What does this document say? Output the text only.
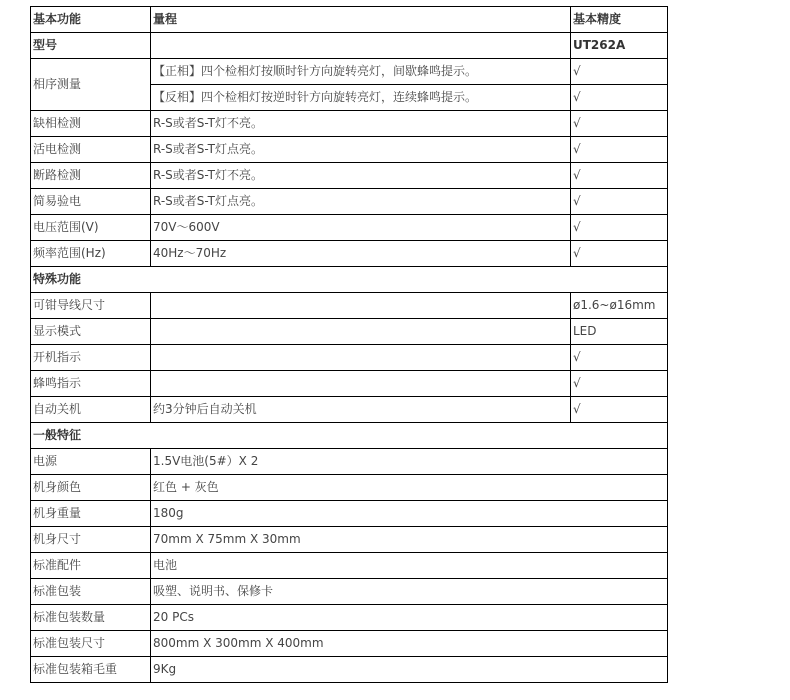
基本功能	量程	基本精度
型号		UT262A
相序测量	【正相】四个检相灯按顺时针方向旋转亮灯，间歇蜂鸣提示。	√
	【反相】四个检相灯按逆时针方向旋转亮灯，连续蜂鸣提示。	√
缺相检测	R-S或者S-T灯不亮。	√
活电检测	R-S或者S-T灯点亮。	√
断路检测	R-S或者S-T灯不亮。	√
简易验电	R-S或者S-T灯点亮。	√
电压范围(V)	70V～600V	√
频率范围(Hz)	40Hz～70Hz	√
特殊功能		
可钳导线尺寸		ø1.6~ø16mm
显示模式		LED
开机指示		√
蜂鸣指示		√
自动关机	约3分钟后自动关机	√
一般特征		
电源	1.5V电池(5#）X 2	
机身颜色	红色 + 灰色	
机身重量	180g	
机身尺寸	70mm X 75mm X 30mm	
标准配件	电池	
标准包装	吸塑、说明书、保修卡	
标准包装数量	20 PCs	
标准包装尺寸	800mm X 300mm X 400mm	
标准包装箱毛重	9Kg	
